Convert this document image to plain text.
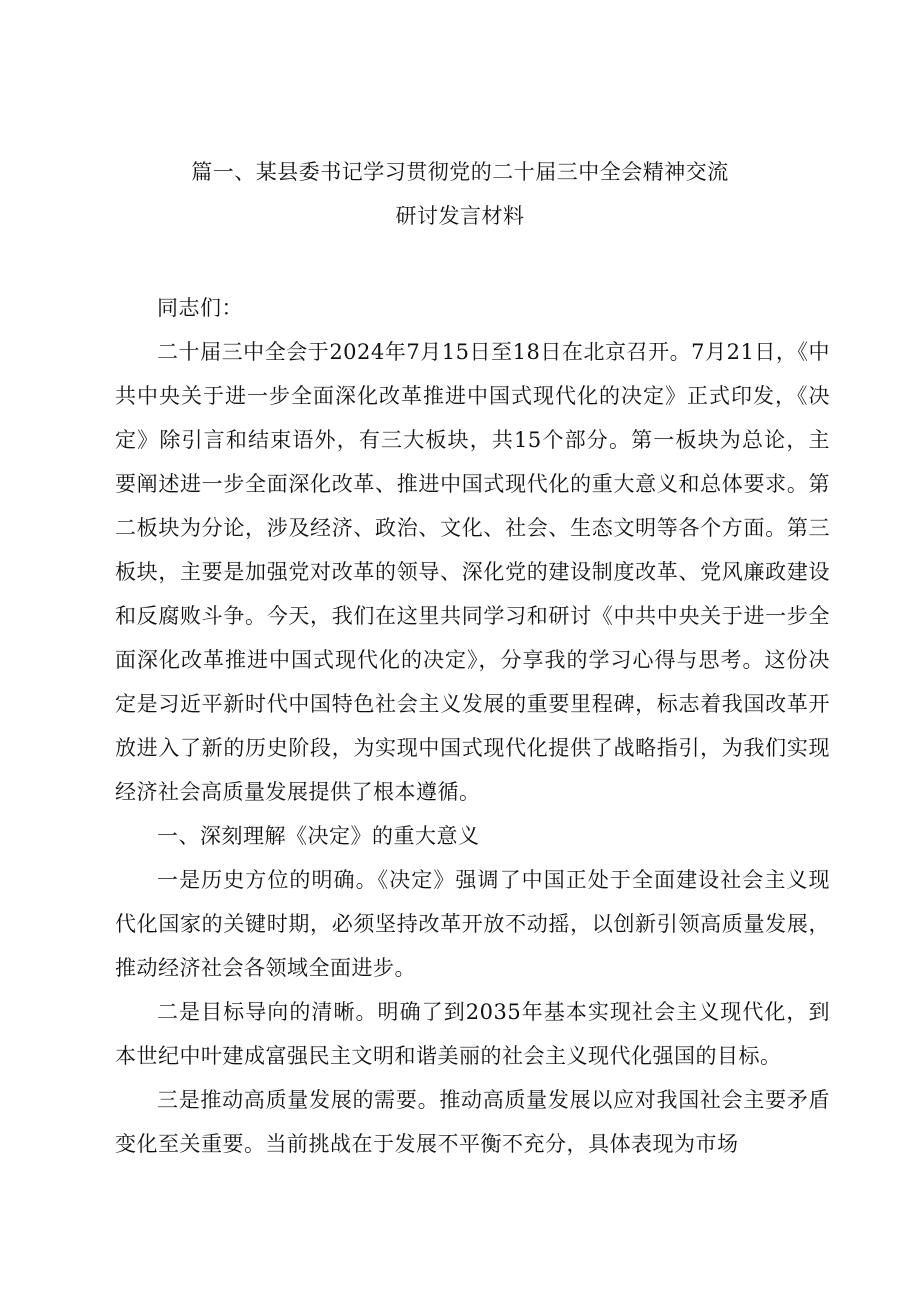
篇一、某县委书记学习贯彻党的二十届三中全会精神交流
研讨发言材料

同志们：

二十届三中全会于2024年7月15日至18日在北京召开。7月21日，《中共中央关于进一步全面深化改革推进中国式现代化的决定》正式印发，《决定》除引言和结束语外，有三大板块，共15个部分。第一板块为总论，主要阐述进一步全面深化改革、推进中国式现代化的重大意义和总体要求。第二板块为分论，涉及经济、政治、文化、社会、生态文明等各个方面。第三板块，主要是加强党对改革的领导、深化党的建设制度改革、党风廉政建设和反腐败斗争。今天，我们在这里共同学习和研讨《中共中央关于进一步全面深化改革推进中国式现代化的决定》，分享我的学习心得与思考。这份决定是习近平新时代中国特色社会主义发展的重要里程碑，标志着我国改革开放进入了新的历史阶段，为实现中国式现代化提供了战略指引，为我们实现经济社会高质量发展提供了根本遵循。

一、深刻理解《决定》的重大意义

一是历史方位的明确。《决定》强调了中国正处于全面建设社会主义现代化国家的关键时期，必须坚持改革开放不动摇，以创新引领高质量发展，推动经济社会各领域全面进步。

二是目标导向的清晰。明确了到2035年基本实现社会主义现代化，到本世纪中叶建成富强民主文明和谐美丽的社会主义现代化强国的目标。

三是推动高质量发展的需要。推动高质量发展以应对我国社会主要矛盾变化至关重要。当前挑战在于发展不平衡不充分，具体表现为市场
